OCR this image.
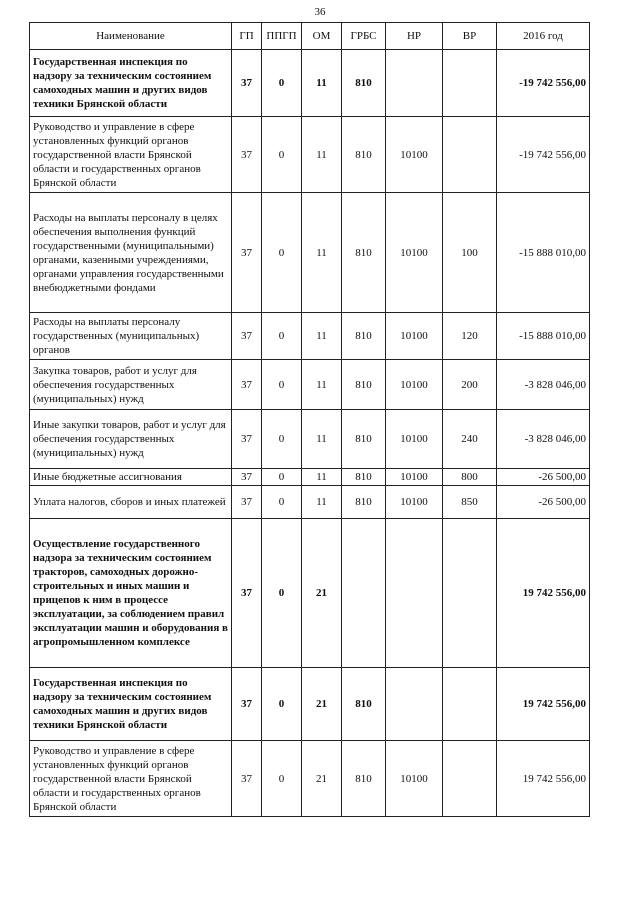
36
Наименование	ГП	ППГП	ОМ	ГРБС	НР	ВР	2016 год
Государственная инспекция по надзору за техническим состоянием самоходных машин и других видов техники Брянской области	37	0	11	810			-19 742 556,00
Руководство и управление в сфере установленных функций органов государственной власти Брянской области и государственных органов Брянской области	37	0	11	810	10100		-19 742 556,00
Расходы на выплаты персоналу в целях обеспечения выполнения функций государственными (муниципальными) органами, казенными учреждениями, органами управления государственными внебюджетными фондами	37	0	11	810	10100	100	-15 888 010,00
Расходы на выплаты персоналу государственных (муниципальных) органов	37	0	11	810	10100	120	-15 888 010,00
Закупка товаров, работ и услуг для обеспечения государственных (муниципальных) нужд	37	0	11	810	10100	200	-3 828 046,00
Иные закупки товаров, работ и услуг для обеспечения государственных (муниципальных) нужд	37	0	11	810	10100	240	-3 828 046,00
Иные бюджетные ассигнования	37	0	11	810	10100	800	-26 500,00
Уплата налогов, сборов и иных платежей	37	0	11	810	10100	850	-26 500,00
Осуществление государственного надзора за техническим состоянием тракторов, самоходных дорожно-строительных и иных машин и прицепов к ним в процессе эксплуатации, за соблюдением правил эксплуатации машин и оборудования в агропромышленном комплексе	37	0	21				19 742 556,00
Государственная инспекция по надзору за техническим состоянием самоходных машин и других видов техники Брянской области	37	0	21	810			19 742 556,00
Руководство и управление в сфере установленных функций органов государственной власти Брянской области и государственных органов Брянской области	37	0	21	810	10100		19 742 556,00
